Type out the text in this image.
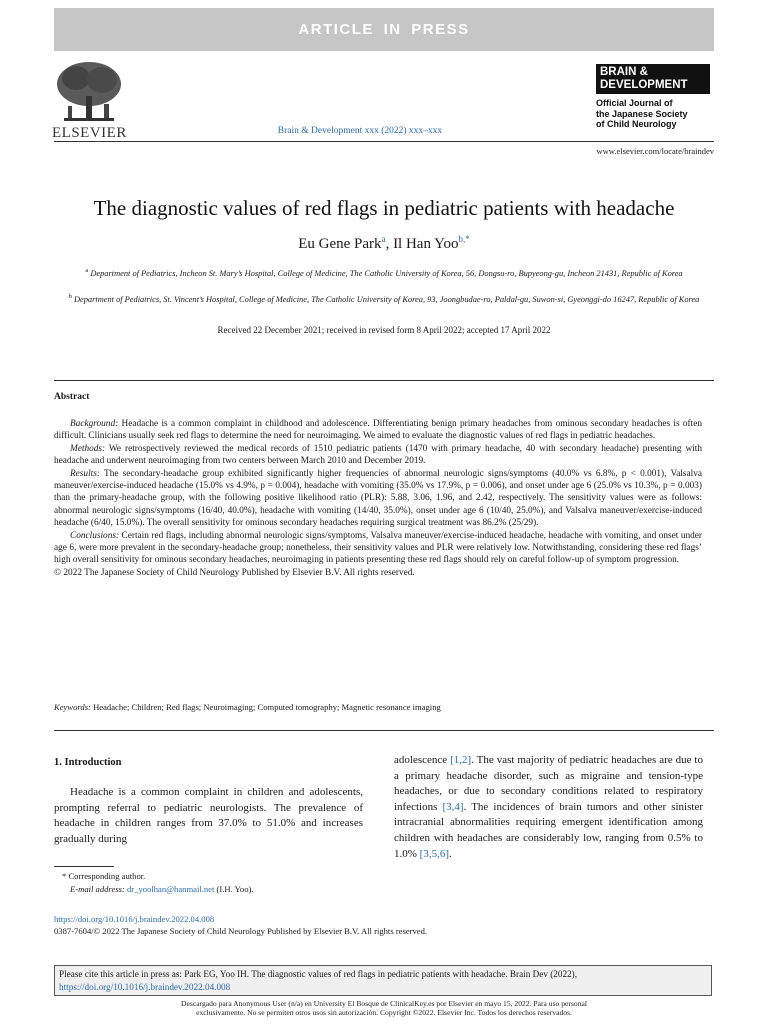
ARTICLE IN PRESS
ELSEVIER	Brain & Development xxx (2022) xxx–xxx
BRAIN &
DEVELOPMENT
Official Journal of
the Japanese Society
of Child Neurology
www.elsevier.com/locate/braindev
The diagnostic values of red flags in pediatric patients with headache
Eu Gene Park$^a$, Il Han Yoo$^{b,*}$
$^a$ Department of Pediatrics, Incheon St. Mary’s Hospital, College of Medicine, The Catholic University of Korea, 56, Dongsu-ro, Bupyeong-gu, Incheon 21431, Republic of Korea
$^b$ Department of Pediatrics, St. Vincent’s Hospital, College of Medicine, The Catholic University of Korea, 93, Joongbudae-ro, Paldal-gu, Suwon-si, Gyeonggi-do 16247, Republic of Korea
Received 22 December 2021; received in revised form 8 April 2022; accepted 17 April 2022
Abstract

Background: Headache is a common complaint in childhood and adolescence. Differentiating benign primary headaches from ominous secondary headaches is often difficult. Clinicians usually seek red flags to determine the need for neuroimaging. We aimed to evaluate the diagnostic values of red flags in pediatric headaches.

Methods: We retrospectively reviewed the medical records of 1510 pediatric patients (1470 with primary headache, 40 with secondary headache) presenting with headache and underwent neuroimaging from two centers between March 2010 and December 2019.

Results: The secondary-headache group exhibited significantly higher frequencies of abnormal neurologic signs/symptoms (40.0% vs 6.8%, p < 0.001), Valsalva maneuver/exercise-induced headache (15.0% vs 4.9%, p = 0.004), headache with vomiting (35.0% vs 17.9%, p = 0.006), and onset under age 6 (25.0% vs 10.3%, p = 0.003) than the primary-headache group, with the following positive likelihood ratio (PLR): 5.88, 3.06, 1.96, and 2.42, respectively. The sensitivity values were as follows: abnormal neurologic signs/symptoms (16/40, 40.0%), headache with vomiting (14/40, 35.0%), onset under age 6 (10/40, 25.0%), and Valsalva maneuver/exercise-induced headache (6/40, 15.0%). The overall sensitivity for ominous secondary headaches requiring surgical treatment was 86.2% (25/29).

Conclusions: Certain red flags, including abnormal neurologic signs/symptoms, Valsalva maneuver/exercise-induced headache, headache with vomiting, and onset under age 6, were more prevalent in the secondary-headache group; nonetheless, their sensitivity values and PLR were relatively low. Notwithstanding, considering these red flags’ high overall sensitivity for ominous secondary headaches, neuroimaging in patients presenting these red flags should rely on careful follow-up of symptom progression.

© 2022 The Japanese Society of Child Neurology Published by Elsevier B.V. All rights reserved.

Keywords: Headache; Children; Red flags; Neuroimaging; Computed tomography; Magnetic resonance imaging
1. Introduction

Headache is a common complaint in children and adolescents, prompting referral to pediatric neurologists. The prevalence of headache in children ranges from 37.0% to 51.0% and increases gradually during

adolescence [1,2]. The vast majority of pediatric headaches are due to a primary headache disorder, such as migraine and tension-type headaches, or due to secondary conditions related to respiratory infections [3,4]. The incidences of brain tumors and other sinister intracranial abnormalities requiring emergent identification among children with headaches are considerably low, ranging from 0.5% to 1.0% [3,5,6].

* Corresponding author.
E-mail address: dr_yoolhan@hanmail.net (I.H. Yoo).
https://doi.org/10.1016/j.braindev.2022.04.008
0387-7604/© 2022 The Japanese Society of Child Neurology Published by Elsevier B.V. All rights reserved.
Please cite this article in press as: Park EG, Yoo IH. The diagnostic values of red flags in pediatric patients with headache. Brain Dev (2022),
https://doi.org/10.1016/j.braindev.2022.04.008
Descargado para Anonymous User (n/a) en University El Bosque de ClinicalKey.es por Elsevier en mayo 15, 2022. Para uso personal
exclusivamente. No se permiten otros usos sin autorización. Copyright ©2022. Elsevier Inc. Todos los derechos reservados.
